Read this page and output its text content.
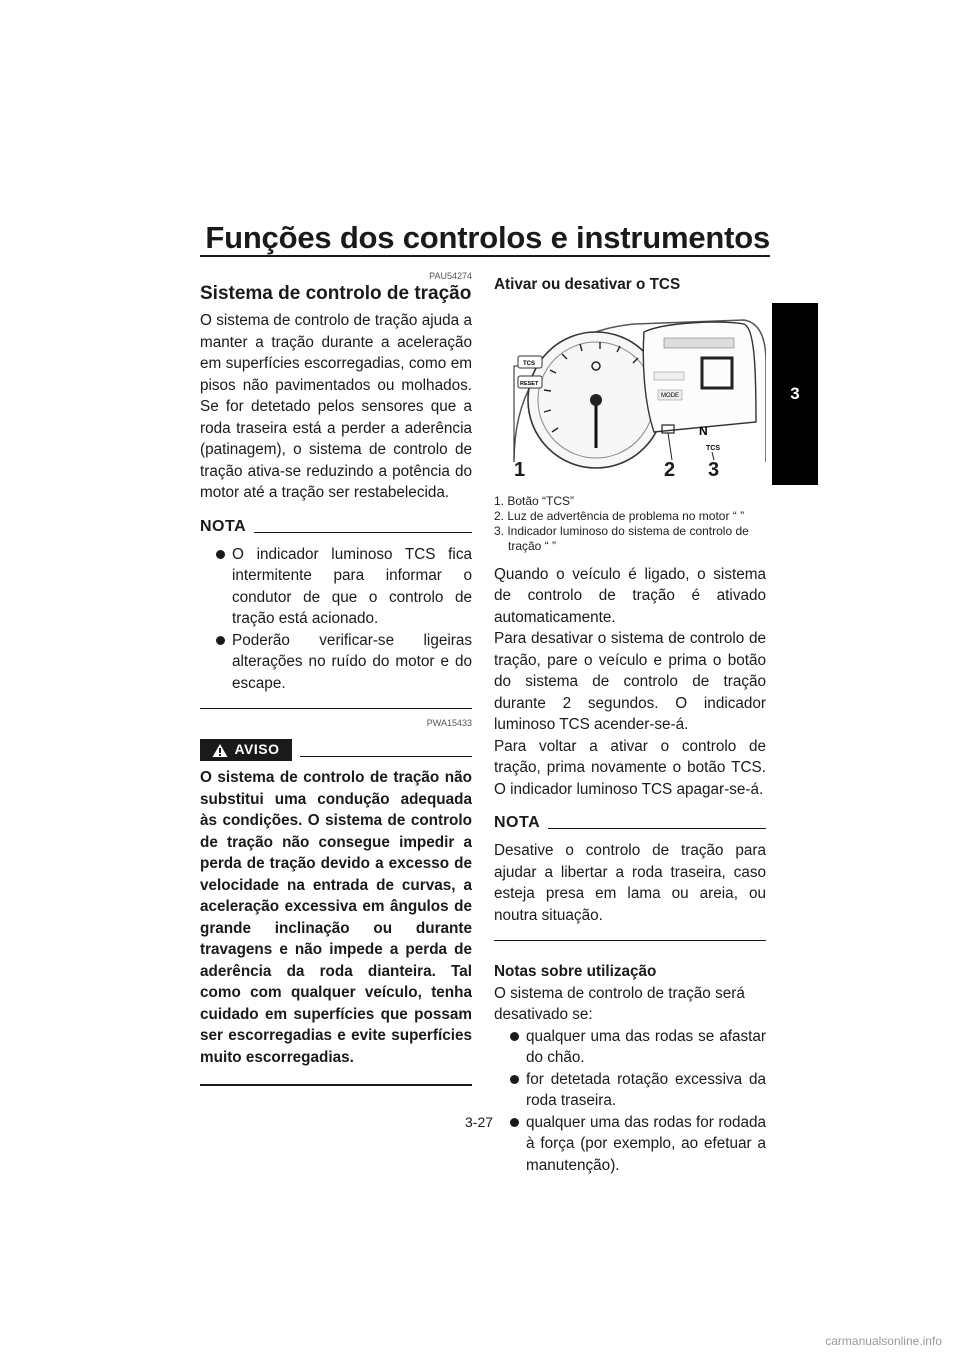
Funções dos controlos e instrumentos
3
PAU54274
Sistema de controlo de tração

O sistema de controlo de tração ajuda a manter a tração durante a aceleração em superfícies escorregadias, como em pisos não pavimentados ou molhados. Se for detetado pelos sensores que a roda traseira está a perder a aderência (patinagem), o sistema de controlo de tração ativa-se reduzindo a potência do motor até a tração ser restabelecida.

NOTA
O indicador luminoso TCS fica intermitente para informar o condutor de que o controlo de tração está acionado.
Poderão verificar-se ligeiras alterações no ruído do motor e do escape.
PWA15433
AVISO

O sistema de controlo de tração não substitui uma condução adequada às condições. O sistema de controlo de tração não consegue impedir a perda de tração devido a excesso de velocidade na entrada de curvas, a aceleração excessiva em ângulos de grande inclinação ou durante travagens e não impede a perda de aderência da roda dianteira. Tal como com qualquer veículo, tenha cuidado em superfícies que possam ser escorregadias e evite superfícies muito escorregadias.

Ativar ou desativar o TCS
TCS
RESET
MODE
N
TCS
1	2 3
1. Botão “TCS”
2. Luz de advertência de problema no motor “ ”
3. Indicador luminoso do sistema de controlo de tração “ ”

Quando o veículo é ligado, o sistema de controlo de tração é ativado automaticamente.

Para desativar o sistema de controlo de tração, pare o veículo e prima o botão do sistema de controlo de tração durante 2 segundos. O indicador luminoso TCS acender-se-á.

Para voltar a ativar o controlo de tração, prima novamente o botão TCS. O indicador luminoso TCS apagar-se-á.

NOTA

Desative o controlo de tração para ajudar a libertar a roda traseira, caso esteja presa em lama ou areia, ou noutra situação.

Notas sobre utilização

O sistema de controlo de tração será desativado se:

qualquer uma das rodas se afastar do chão.
for detetada rotação excessiva da roda traseira.
qualquer uma das rodas for rodada à força (por exemplo, ao efetuar a manutenção).
3-27
carmanualsonline.info
